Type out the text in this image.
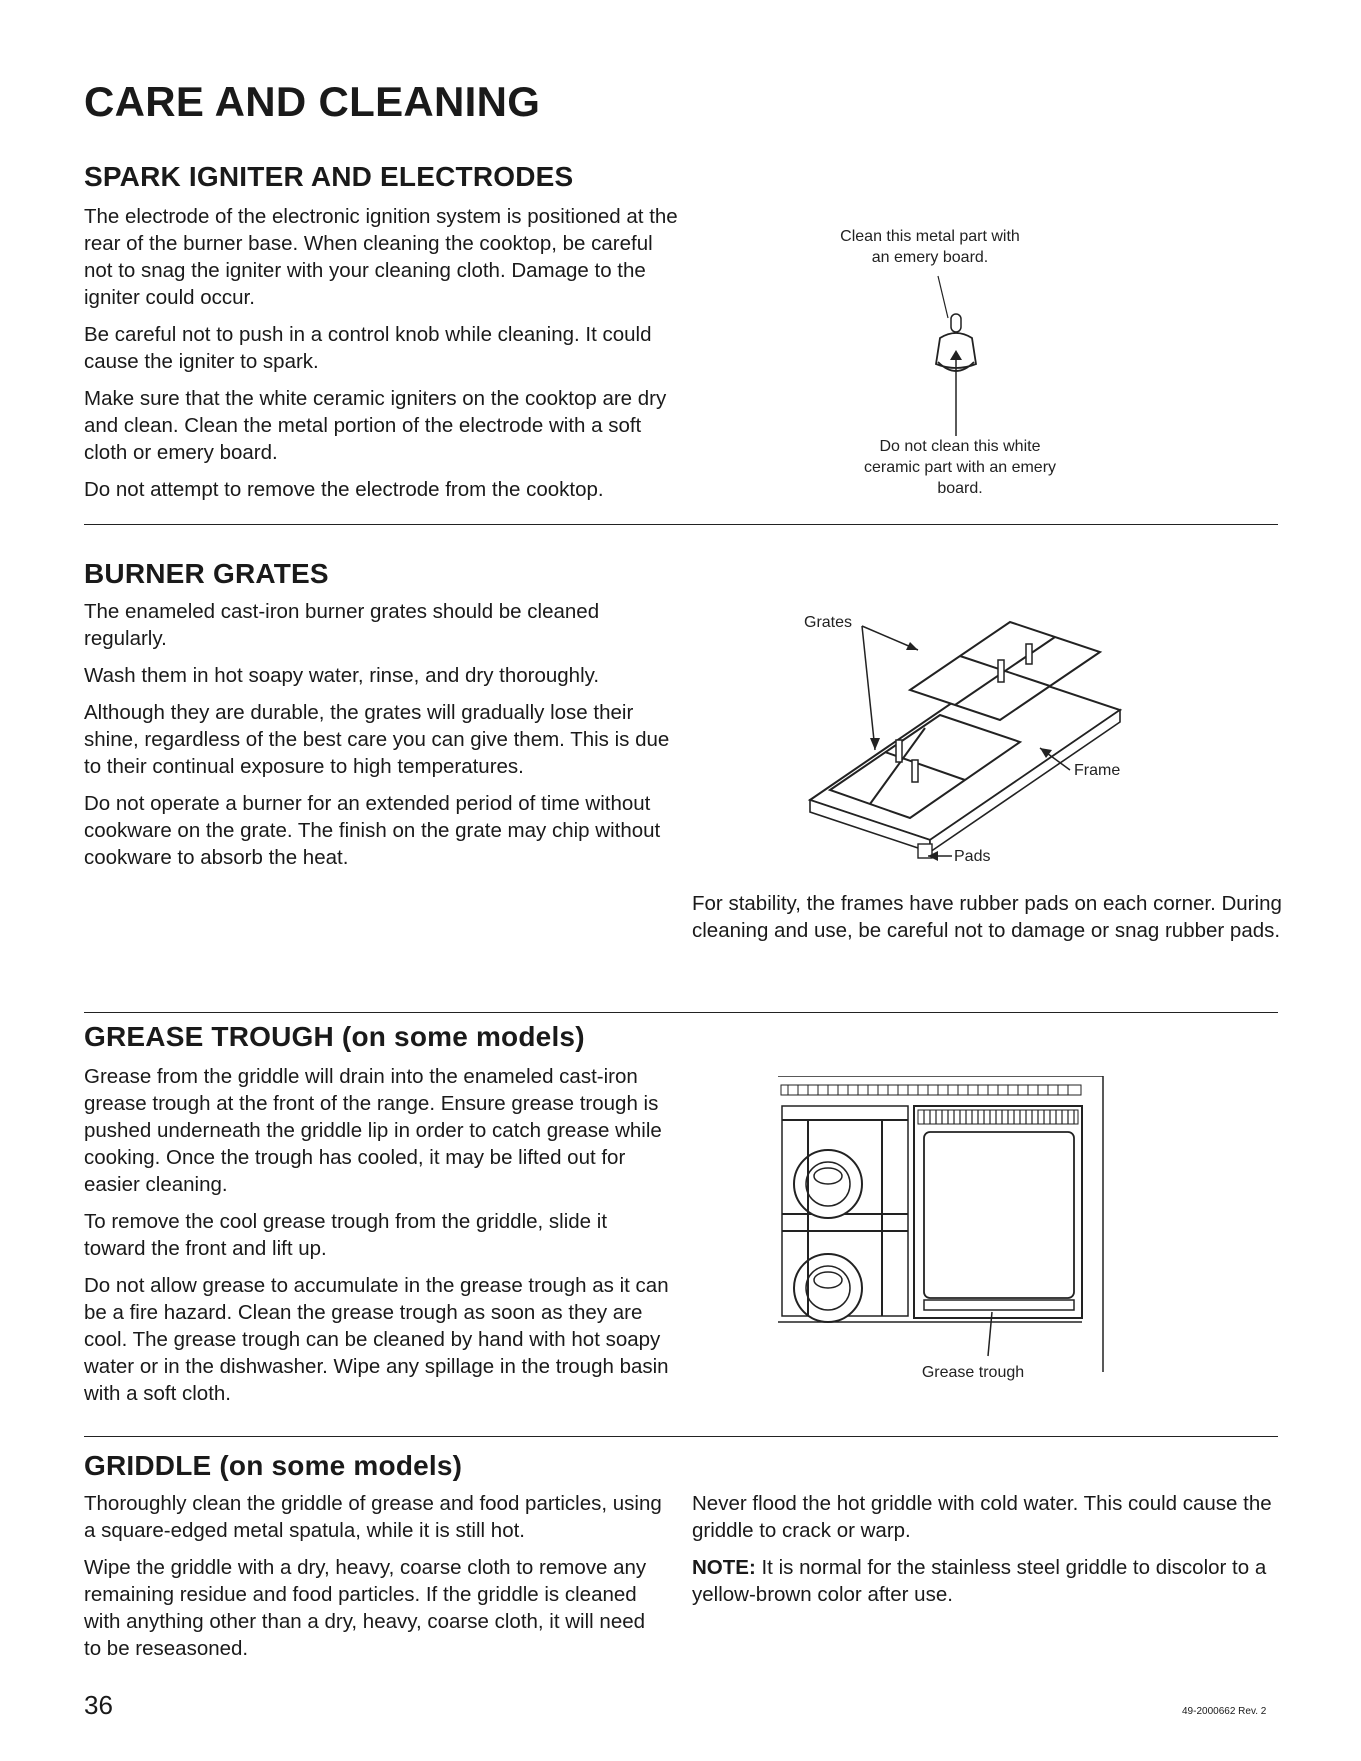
CARE AND CLEANING
SPARK IGNITER AND ELECTRODES

The electrode of the electronic ignition system is positioned at the rear of the burner base. When cleaning the cooktop, be careful not to snag the igniter with your cleaning cloth. Damage to the igniter could occur.

Be careful not to push in a control knob while cleaning. It could cause the igniter to spark.

Make sure that the white ceramic igniters on the cooktop are dry and clean. Clean the metal portion of the electrode with a soft cloth or emery board.

Do not attempt to remove the electrode from the cooktop.

Clean this metal part with an emery board.
Do not clean this white ceramic part with an emery board.
BURNER GRATES

The enameled cast-iron burner grates should be cleaned regularly.

Wash them in hot soapy water, rinse, and dry thoroughly.

Although they are durable, the grates will gradually lose their shine, regardless of the best care you can give them. This is due to their continual exposure to high temperatures.

Do not operate a burner for an extended period of time without cookware on the grate. The finish on the grate may chip without cookware to absorb the heat.

Grates
Frame
Pads

For stability, the frames have rubber pads on each corner. During cleaning and use, be careful not to damage or snag rubber pads.

GREASE TROUGH (on some models)

Grease from the griddle will drain into the enameled cast-iron grease trough at the front of the range. Ensure grease trough is pushed underneath the griddle lip in order to catch grease while cooking. Once the trough has cooled, it may be lifted out for easier cleaning.

To remove the cool grease trough from the griddle, slide it toward the front and lift up.

Do not allow grease to accumulate in the grease trough as it can be a fire hazard. Clean the grease trough as soon as they are cool. The grease trough can be cleaned by hand with hot soapy water or in the dishwasher. Wipe any spillage in the trough basin with a soft cloth.

Grease trough
GRIDDLE (on some models)

Thoroughly clean the griddle of grease and food particles, using a square-edged metal spatula, while it is still hot.

Wipe the griddle with a dry, heavy, coarse cloth to remove any remaining residue and food particles. If the griddle is cleaned with anything other than a dry, heavy, coarse cloth, it will need to be reseasoned.

Never flood the hot griddle with cold water. This could cause the griddle to crack or warp.

NOTE: It is normal for the stainless steel griddle to discolor to a yellow-brown color after use.

36	49-2000662 Rev. 2
